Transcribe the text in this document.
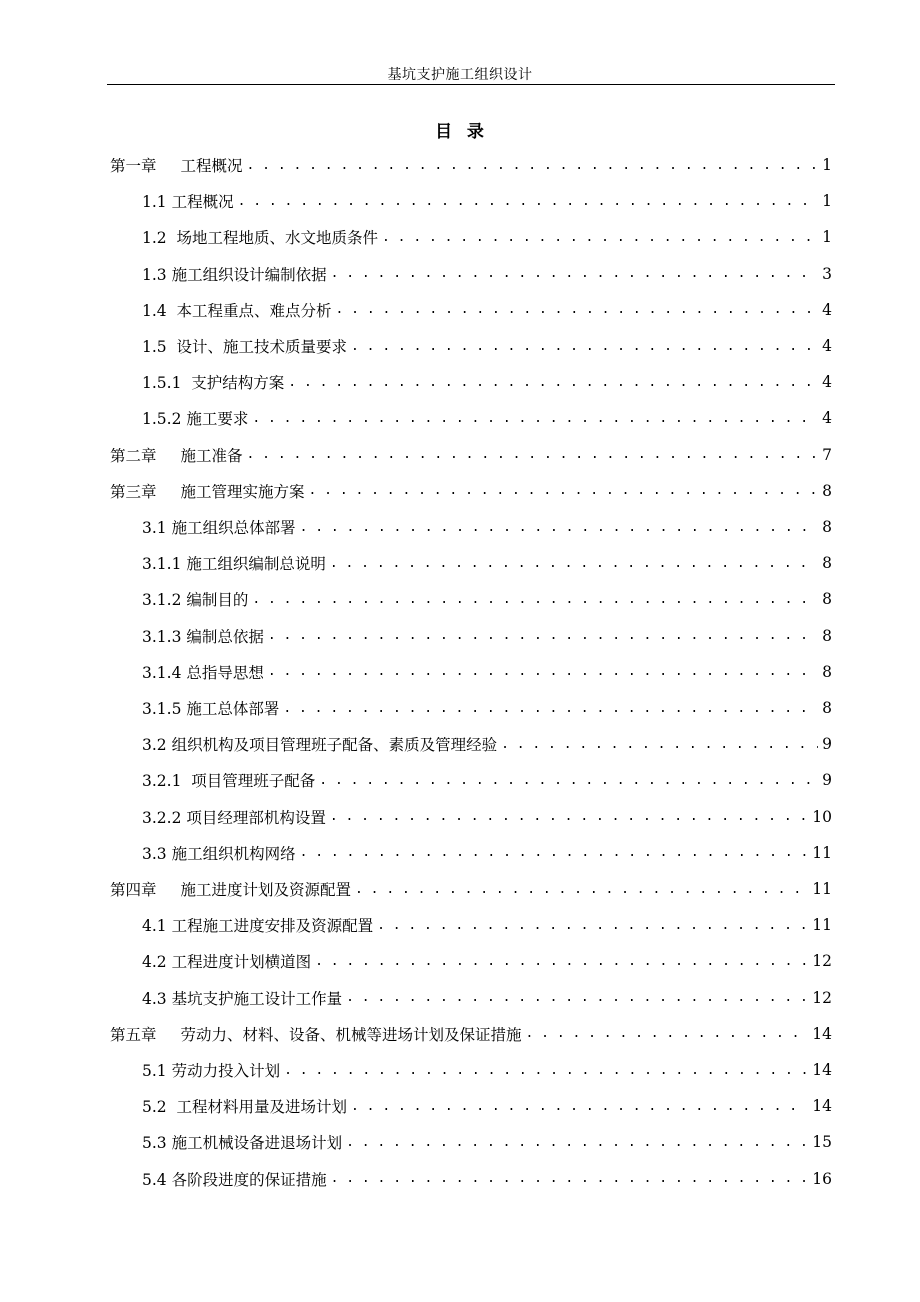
基坑支护施工组织设计
目  录
第一章 工程概况 . . .	1
1.1 工程概况 . . .	1
1.2  场地工程地质、水文地质条件 . . .	1
1.3 施工组织设计编制依据 . . .	3
1.4  本工程重点、难点分析 . . .	4
1.5  设计、施工技术质量要求 . . .	4
1.5.1  支护结构方案 . . .	4
1.5.2 施工要求 . . .	4
第二章 施工准备 . . .	7
第三章 施工管理实施方案 . . .	8
3.1 施工组织总体部署 . . .	8
3.1.1 施工组织编制总说明 . . .	8
3.1.2 编制目的 . . .	8
3.1.3 编制总依据 . . .	8
3.1.4 总指导思想 . . .	8
3.1.5 施工总体部署 . . .	8
3.2 组织机构及项目管理班子配备、素质及管理经验 . . .	9
3.2.1  项目管理班子配备 . . .	9
3.2.2 项目经理部机构设置 . . .	10
3.3 施工组织机构网络 . . .	11
第四章 施工进度计划及资源配置 . . .	11
4.1 工程施工进度安排及资源配置 . . .	11
4.2 工程进度计划横道图 . . .	12
4.3 基坑支护施工设计工作量 . . .	12
第五章 劳动力、材料、设备、机械等进场计划及保证措施 . . .	14
5.1 劳动力投入计划 . . .	14
5.2  工程材料用量及进场计划 . . .	14
5.3 施工机械设备进退场计划 . . .	15
5.4 各阶段进度的保证措施 . . .	16
